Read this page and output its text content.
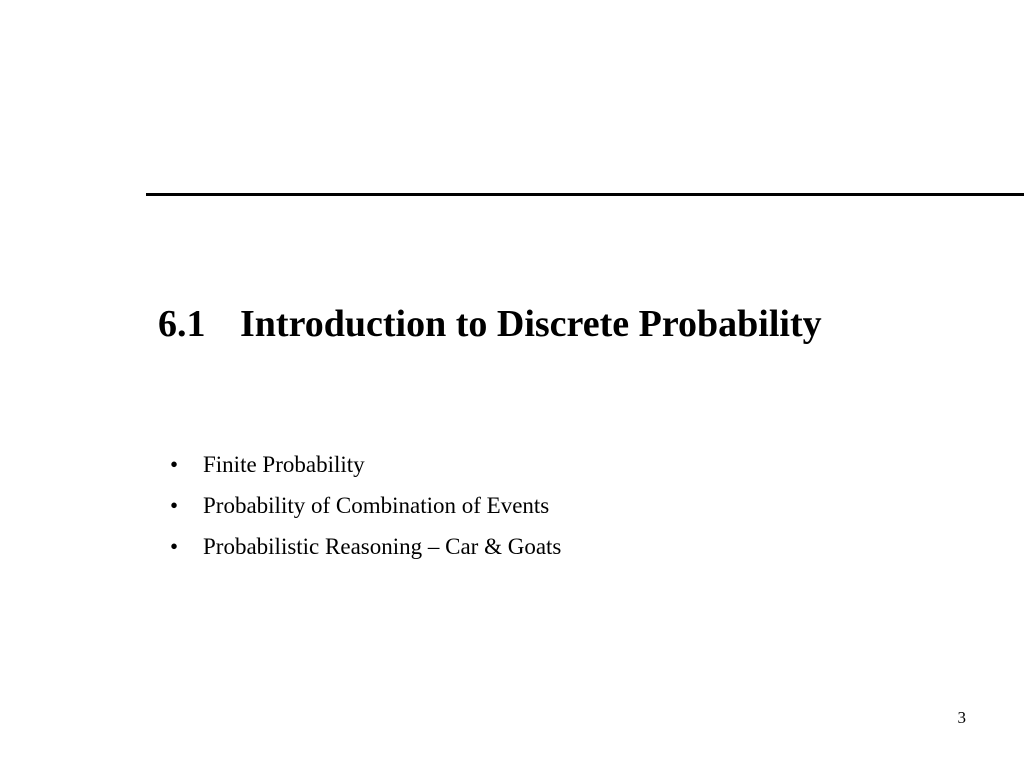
6.1 Introduction to Discrete Probability
•	Finite Probability
•	Probability of Combination of Events
•	Probabilistic Reasoning – Car & Goats
3
